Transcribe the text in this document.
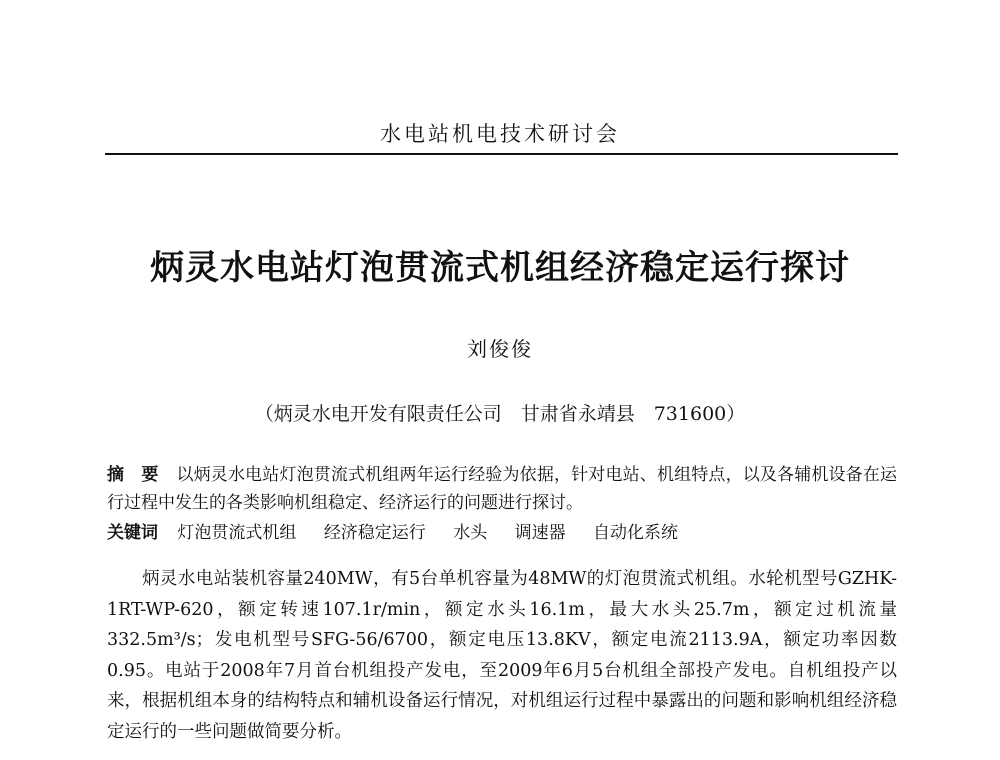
水电站机电技术研讨会
炳灵水电站灯泡贯流式机组经济稳定运行探讨
刘俊俊
（炳灵水电开发有限责任公司　甘肃省永靖县　731600）
摘　要 以炳灵水电站灯泡贯流式机组两年运行经验为依据，针对电站、机组特点，以及各辅机设备在运行过程中发生的各类影响机组稳定、经济运行的问题进行探讨。
关键词 灯泡贯流式机组 经济稳定运行 水头 调速器 自动化系统
炳灵水电站装机容量240MW，有5台单机容量为48MW的灯泡贯流式机组。水轮机型号GZHK-1RT-WP-620，额定转速107.1r/min，额定水头16.1m，最大水头25.7m，额定过机流量332.5m³/s；发电机型号SFG-56/6700，额定电压13.8KV，额定电流2113.9A，额定功率因数0.95。电站于2008年7月首台机组投产发电，至2009年6月5台机组全部投产发电。自机组投产以来，根据机组本身的结构特点和辅机设备运行情况，对机组运行过程中暴露出的问题和影响机组经济稳定运行的一些问题做简要分析。
